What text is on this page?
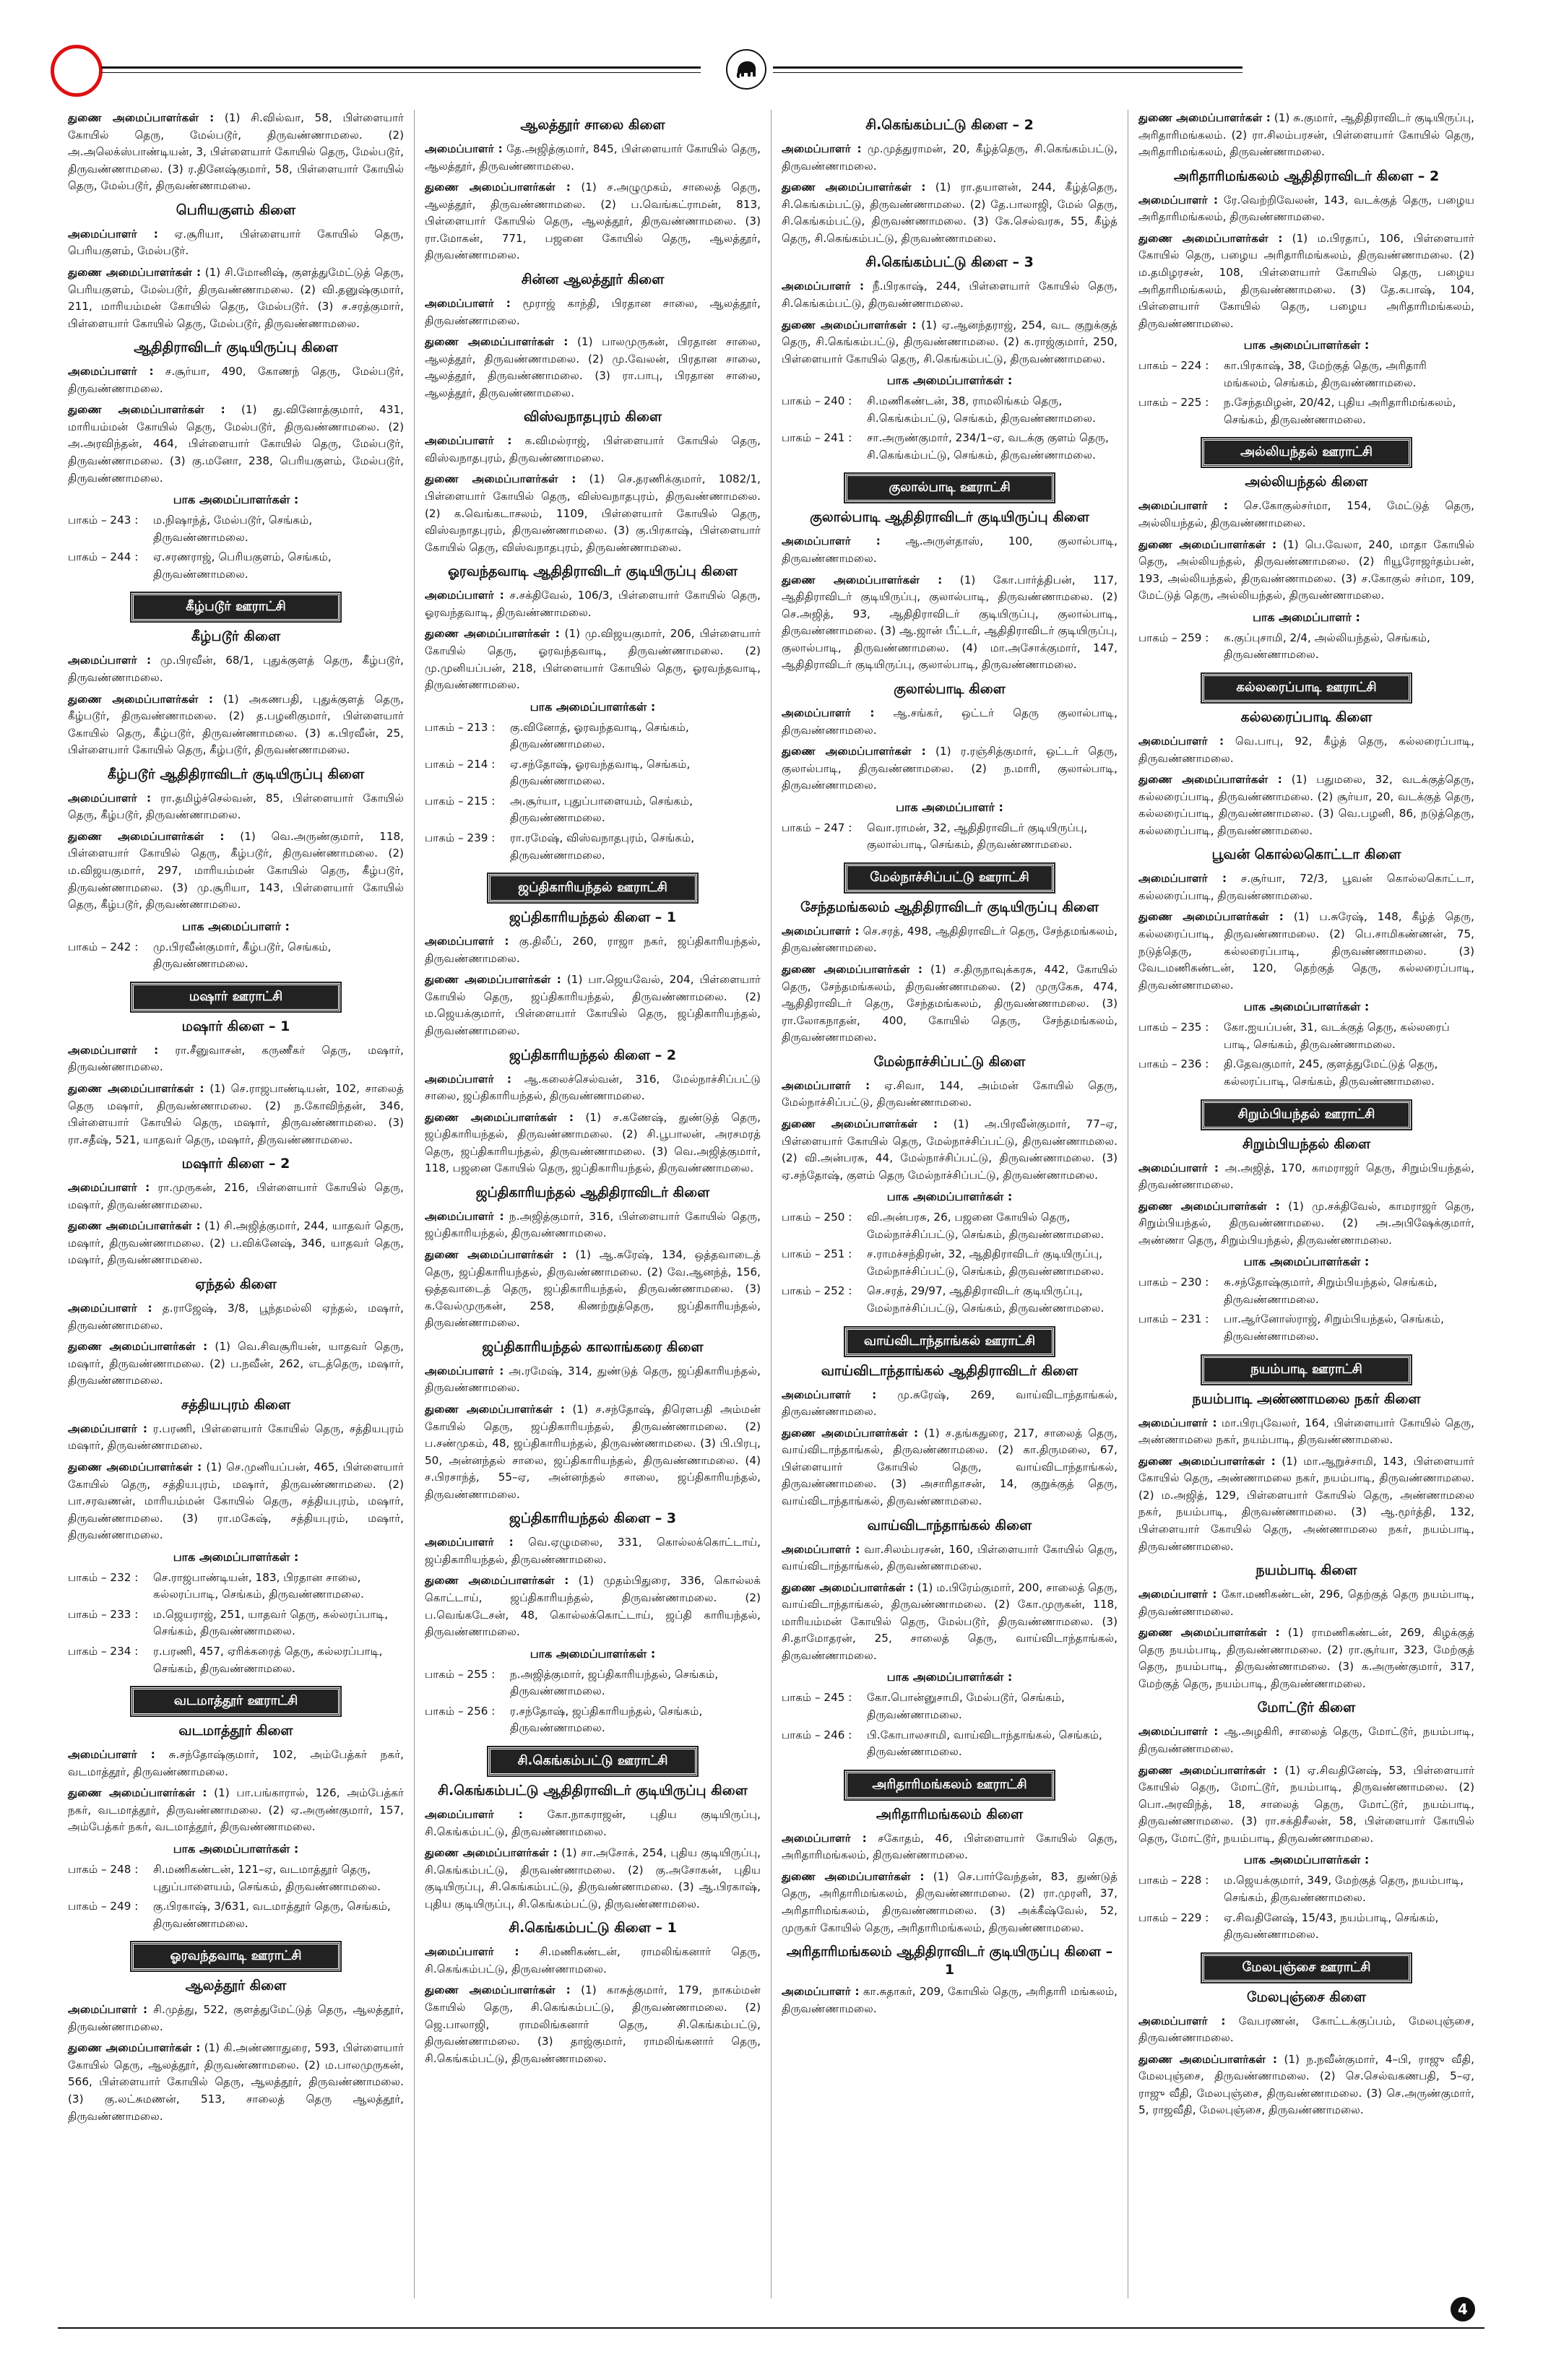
துணை அமைப்பாளர்கள் : (1) சி.வில்வா, 58, பிள்ளையார் கோயில் தெரு, மேல்படூர், திருவண்ணாமலை. (2) அ.அலெக்ஸ்பாண்டியன், 3, பிள்ளையார் கோயில் தெரு, மேல்படூர், திருவண்ணாமலை. (3) ர.தினேஷ்குமார், 58, பிள்ளையார் கோயில் தெரு, மேல்படூர், திருவண்ணாமலை.
பெரியகுளம் கிளை
அமைப்பாளர் : ஏ.சூரியா, பிள்ளையார் கோயில் தெரு, பெரியகுளம், மேல்படூர்.
துணை அமைப்பாளர்கள் : (1) சி.மோனிஷ், குளத்துமேட்டுத் தெரு, பெரியகுளம், மேல்படூர், திருவண்ணாமலை. (2) வி.தனுஷ்குமார், 211, மாரியம்மன் கோயில் தெரு, மேல்படூர். (3) ச.சரத்குமார், பிள்ளையார் கோயில் தெரு, மேல்படூர், திருவண்ணாமலை.
ஆதிதிராவிடர் குடியிருப்பு கிளை
அமைப்பாளர் : ச.சூர்யா, 490, கோணந் தெரு, மேல்படூர், திருவண்ணாமலை.
துணை அமைப்பாளர்கள் : (1) து.வினோத்குமார், 431, மாரியம்மன் கோயில் தெரு, மேல்படூர், திருவண்ணாமலை. (2) அ.அரவிந்தன், 464, பிள்ளையார் கோயில் தெரு, மேல்படூர், திருவண்ணாமலை. (3) கு.மனோ, 238, பெரியகுளம், மேல்படூர், திருவண்ணாமலை.
பாக அமைப்பாளர்கள் :
பாகம் – 243 :	ம.நிஷாந்த், மேல்படூர், செங்கம், திருவண்ணாமலை.
பாகம் – 244 :	ஏ.சரணராஜ், பெரியகுளம், செங்கம், திருவண்ணாமலை.
கீழ்படூர் ஊராட்சி
கீழ்படூர் கிளை
அமைப்பாளர் : மு.பிரவீன், 68/1, புதுக்குளத் தெரு, கீழ்படூர், திருவண்ணாமலை.
துணை அமைப்பாளர்கள் : (1) அகணபதி, புதுக்குளத் தெரு, கீழ்படூர், திருவண்ணாமலை. (2) த.பழனிகுமார், பிள்ளையார் கோயில் தெரு, கீழ்படூர், திருவண்ணாமலை. (3) க.பிரவீன், 25, பிள்ளையார் கோயில் தெரு, கீழ்படூர், திருவண்ணாமலை.
கீழ்படூர் ஆதிதிராவிடர் குடியிருப்பு கிளை
அமைப்பாளர் : ரா.தமிழ்ச்செல்வன், 85, பிள்ளையார் கோயில் தெரு, கீழ்படூர், திருவண்ணாமலை.
துணை அமைப்பாளர்கள் : (1) வெ.அருண்குமார், 118, பிள்ளையார் கோயில் தெரு, கீழ்படூர், திருவண்ணாமலை. (2) ம.விஜயகுமார், 297, மாரியம்மன் கோயில் தெரு, கீழ்படூர், திருவண்ணாமலை. (3) மு.சூரியா, 143, பிள்ளையார் கோயில் தெரு, கீழ்படூர், திருவண்ணாமலை.
பாக அமைப்பாளர் :
பாகம் – 242 :	மு.பிரவீன்குமார், கீழ்படூர், செங்கம், திருவண்ணாமலை.
மஷார் ஊராட்சி
மஷார் கிளை – 1
அமைப்பாளர் : ரா.சீனுவாசன், கருணீகர் தெரு, மஷார், திருவண்ணாமலை.
துணை அமைப்பாளர்கள் : (1) செ.ராஜபாண்டியன், 102, சாலைத் தெரு மஷார், திருவண்ணாமலை. (2) ந.கோவிந்தன், 346, பிள்ளையார் கோயில் தெரு, மஷார், திருவண்ணாமலை. (3) ரா.சதீஷ், 521, யாதவர் தெரு, மஷார், திருவண்ணாமலை.
மஷார் கிளை – 2
அமைப்பாளர் : ரா.முருகன், 216, பிள்ளையார் கோயில் தெரு, மஷார், திருவண்ணாமலை.
துணை அமைப்பாளர்கள் : (1) சி.அஜித்குமார், 244, யாதவர் தெரு, மஷார், திருவண்ணாமலை. (2) ப.விக்னேஷ், 346, யாதவர் தெரு, மஷார், திருவண்ணாமலை.
ஏந்தல் கிளை
அமைப்பாளர் : த.ராஜேஷ், 3/8, பூந்தமல்லி ஏந்தல், மஷார், திருவண்ணாமலை.
துணை அமைப்பாளர்கள் : (1) வெ.சிவசூரியன், யாதவர் தெரு, மஷார், திருவண்ணாமலை. (2) ப.நவீன், 262, எடத்தெரு, மஷார், திருவண்ணாமலை.
சத்தியபுரம் கிளை
அமைப்பாளர் : ர.பரணி, பிள்ளையார் கோயில் தெரு, சத்தியபுரம் மஷார், திருவண்ணாமலை.
துணை அமைப்பாளர்கள் : (1) செ.முனியப்பன், 465, பிள்ளையார் கோயில் தெரு, சத்தியபுரம், மஷார், திருவண்ணாமலை. (2) பா.சரவணன், மாரியம்மன் கோயில் தெரு, சத்தியபுரம், மஷார், திருவண்ணாமலை. (3) ரா.மகேஷ், சத்தியபுரம், மஷார், திருவண்ணாமலை.
பாக அமைப்பாளர்கள் :
பாகம் – 232 :	செ.ராஜபாண்டியன், 183, பிரதான சாலை, கல்லரப்பாடி, செங்கம், திருவண்ணாமலை.
பாகம் – 233 :	ம.ஜெயராஜ், 251, யாதவர் தெரு, கல்லரப்பாடி, செங்கம், திருவண்ணாமலை.
பாகம் – 234 :	ர.பரணி, 457, ஏரிக்கரைத் தெரு, கல்லரப்பாடி, செங்கம், திருவண்ணாமலை.
வடமாத்தூர் ஊராட்சி
வடமாத்தூர் கிளை
அமைப்பாளர் : சு.சந்தோஷ்குமார், 102, அம்பேத்கர் நகர், வடமாத்தூர், திருவண்ணாமலை.
துணை அமைப்பாளர்கள் : (1) பா.பங்காரால், 126, அம்பேத்கர் நகர், வடமாத்தூர், திருவண்ணாமலை. (2) ஏ.அருண்குமார், 157, அம்பேத்கர் நகர், வடமாத்தூர், திருவண்ணாமலை.
பாக அமைப்பாளர்கள் :
பாகம் – 248 :	சி.மணிகண்டன், 121–ஏ, வடமாத்தூர் தெரு, புதுப்பாளையம், செங்கம், திருவண்ணாமலை.
பாகம் – 249 :	கு.பிரகாஷ், 3/631, வடமாத்தூர் தெரு, செங்கம், திருவண்ணாமலை.
ஓரவந்தவாடி ஊராட்சி
ஆலத்தூர் கிளை
அமைப்பாளர் : சி.முத்து, 522, குளத்துமேட்டுத் தெரு, ஆலத்தூர், திருவண்ணாமலை.
துணை அமைப்பாளர்கள் : (1) கி.அண்ணாதுரை, 593, பிள்ளையார் கோயில் தெரு, ஆலத்தூர், திருவண்ணாமலை. (2) ம.பாலமுருகன், 566, பிள்ளையார் கோயில் தெரு, ஆலத்தூர், திருவண்ணாமலை. (3) கு.லட்சுமணன், 513, சாலைத் தெரு ஆலத்தூர், திருவண்ணாமலை.
ஆலத்தூர் சாலை கிளை
அமைப்பாளர் : தே.அஜித்குமார், 845, பிள்ளையார் கோயில் தெரு, ஆலத்தூர், திருவண்ணாமலை.
துணை அமைப்பாளர்கள் : (1) ச.அழுமுகம், சாலைத் தெரு, ஆலத்தூர், திருவண்ணாமலை. (2) ப.வெங்கட்ராமன், 813, பிள்ளையார் கோயில் தெரு, ஆலத்தூர், திருவண்ணாமலை. (3) ரா.மோகன், 771, பஜனை கோயில் தெரு, ஆலத்தூர், திருவண்ணாமலை.
சின்ன ஆலத்தூர் கிளை
அமைப்பாளர் : மூராஜ் காந்தி, பிரதான சாலை, ஆலத்தூர், திருவண்ணாமலை.
துணை அமைப்பாளர்கள் : (1) பாலமுருகன், பிரதான சாலை, ஆலத்தூர், திருவண்ணாமலை. (2) மு.வேலன், பிரதான சாலை, ஆலத்தூர், திருவண்ணாமலை. (3) ரா.பாபு, பிரதான சாலை, ஆலத்தூர், திருவண்ணாமலை.
விஸ்வநாதபுரம் கிளை
அமைப்பாளர் : க.விமல்ராஜ், பிள்ளையார் கோயில் தெரு, விஸ்வநாதபுரம், திருவண்ணாமலை.
துணை அமைப்பாளர்கள் : (1) செ.தரணிக்குமார், 1082/1, பிள்ளையார் கோயில் தெரு, விஸ்வநாதபுரம், திருவண்ணாமலை. (2) க.வெங்கடாசலம், 1109, பிள்ளையார் கோயில் தெரு, விஸ்வநாதபுரம், திருவண்ணாமலை. (3) கு.பிரகாஷ், பிள்ளையார் கோயில் தெரு, விஸ்வநாதபுரம், திருவண்ணாமலை.
ஓரவந்தவாடி ஆதிதிராவிடர் குடியிருப்பு கிளை
அமைப்பாளர் : ச.சக்திவேல், 106/3, பிள்ளையார் கோயில் தெரு, ஓரவந்தவாடி, திருவண்ணாமலை.
துணை அமைப்பாளர்கள் : (1) மு.விஜயகுமார், 206, பிள்ளையார் கோயில் தெரு, ஓரவந்தவாடி, திருவண்ணாமலை. (2) மு.முனியப்பன், 218, பிள்ளையார் கோயில் தெரு, ஓரவந்தவாடி, திருவண்ணாமலை.
பாக அமைப்பாளர்கள் :
பாகம் – 213 :	கு.வினோத், ஓரவந்தவாடி, செங்கம், திருவண்ணாமலை.
பாகம் – 214 :	ஏ.சந்தோஷ், ஓரவந்தவாடி, செங்கம், திருவண்ணாமலை.
பாகம் – 215 :	அ.சூர்யா, புதுப்பாளையம், செங்கம், திருவண்ணாமலை.
பாகம் – 239 :	ரா.ரமேஷ், விஸ்வநாதபுரம், செங்கம், திருவண்ணாமலை.
ஜப்திகாரியந்தல் ஊராட்சி
ஜப்திகாரியந்தல் கிளை – 1
அமைப்பாளர் : கு.திலீப், 260, ராஜா நகர், ஜப்திகாரியந்தல், திருவண்ணாமலை.
துணை அமைப்பாளர்கள் : (1) பா.ஜெயவேல், 204, பிள்ளையார் கோயில் தெரு, ஜப்திகாரியந்தல், திருவண்ணாமலை. (2) ம.ஜெயக்குமார், பிள்ளையார் கோயில் தெரு, ஜப்திகாரியந்தல், திருவண்ணாமலை.
ஜப்திகாரியந்தல் கிளை – 2
அமைப்பாளர் : ஆ.கலைச்செல்வன், 316, மேல்நாச்சிப்பட்டு சாலை, ஜப்திகாரியந்தல், திருவண்ணாமலை.
துணை அமைப்பாளர்கள் : (1) ச.கணேஷ், துண்டுத் தெரு, ஜப்திகாரியந்தல், திருவண்ணாமலை. (2) சி.பூபாலன், அரசமரத் தெரு, ஜப்திகாரியந்தல், திருவண்ணாமலை. (3) வெ.அஜித்குமார், 118, பஜனை கோயில் தெரு, ஜப்திகாரியந்தல், திருவண்ணாமலை.
ஜப்திகாரியந்தல் ஆதிதிராவிடர் கிளை
அமைப்பாளர் : ந.அஜித்குமார், 316, பிள்ளையார் கோயில் தெரு, ஜப்திகாரியந்தல், திருவண்ணாமலை.
துணை அமைப்பாளர்கள் : (1) ஆ.சுரேஷ், 134, ஒத்தவாடைத் தெரு, ஜப்திகாரியந்தல், திருவண்ணாமலை. (2) வே.ஆனந்த், 156, ஒத்தவாடைத் தெரு, ஜப்திகாரியந்தல், திருவண்ணாமலை. (3) க.வேல்முருகன், 258, கிணற்றுத்தெரு, ஜப்திகாரியந்தல், திருவண்ணாமலை.
ஜப்திகாரியந்தல் காலாங்கரை கிளை
அமைப்பாளர் : அ.ரமேஷ், 314, துண்டுத் தெரு, ஜப்திகாரியந்தல், திருவண்ணாமலை.
துணை அமைப்பாளர்கள் : (1) ச.சந்தோஷ், திரௌபதி அம்மன் கோயில் தெரு, ஜப்திகாரியந்தல், திருவண்ணாமலை. (2) ப.சண்முகம், 48, ஜப்திகாரியந்தல், திருவண்ணாமலை. (3) பி.பிரபு, 50, அன்னந்தல் சாலை, ஜப்திகாரியந்தல், திருவண்ணாமலை. (4) ச.பிரசாந்த், 55–ஏ, அன்னந்தல் சாலை, ஜப்திகாரியந்தல், திருவண்ணாமலை.
ஜப்திகாரியந்தல் கிளை – 3
அமைப்பாளர் : வெ.ஏழுமலை, 331, கொல்லக்கொட்டாய், ஜப்திகாரியந்தல், திருவண்ணாமலை.
துணை அமைப்பாளர்கள் : (1) முதம்பிதுரை, 336, கொல்லக் கொட்டாய், ஜப்திகாரியந்தல், திருவண்ணாமலை. (2) ப.வெங்கடேசன், 48, கொல்லக்கொட்டாய், ஜப்தி காரியந்தல், திருவண்ணாமலை.
பாக அமைப்பாளர்கள் :
பாகம் – 255 :	ந.அஜித்குமார், ஜப்திகாரியந்தல், செங்கம், திருவண்ணாமலை.
பாகம் – 256 :	ர.சந்தோஷ், ஜப்திகாரியந்தல், செங்கம், திருவண்ணாமலை.
சி.கெங்கம்பட்டு ஊராட்சி
சி.கெங்கம்பட்டு ஆதிதிராவிடர் குடியிருப்பு கிளை
அமைப்பாளர் : கோ.நாகராஜன், புதிய குடியிருப்பு, சி.கெங்கம்பட்டு, திருவண்ணாமலை.
துணை அமைப்பாளர்கள் : (1) சா.அசோக், 254, புதிய குடியிருப்பு, சி.கெங்கம்பட்டு, திருவண்ணாமலை. (2) கு.அசோகன், புதிய குடியிருப்பு, சி.கெங்கம்பட்டு, திருவண்ணாமலை. (3) ஆ.பிரகாஷ், புதிய குடியிருப்பு, சி.கெங்கம்பட்டு, திருவண்ணாமலை.
சி.கெங்கம்பட்டு கிளை – 1
அமைப்பாளர் : சி.மணிகண்டன், ராமலிங்கனார் தெரு, சி.கெங்கம்பட்டு, திருவண்ணாமலை.
துணை அமைப்பாளர்கள் : (1) காசுத்குமார், 179, நாகம்மன் கோயில் தெரு, சி.கெங்கம்பட்டு, திருவண்ணாமலை. (2) ஜெ.பாலாஜி, ராமலிங்கனார் தெரு, சி.கெங்கம்பட்டு, திருவண்ணாமலை. (3) தாஜ்குமார், ராமலிங்கனார் தெரு, சி.கெங்கம்பட்டு, திருவண்ணாமலை.
சி.கெங்கம்பட்டு கிளை – 2
அமைப்பாளர் : மு.முத்துராமன், 20, கீழ்த்தெரு, சி.கெங்கம்பட்டு, திருவண்ணாமலை.
துணை அமைப்பாளர்கள் : (1) ரா.தயாளன், 244, கீழ்த்தெரு, சி.கெங்கம்பட்டு, திருவண்ணாமலை. (2) தே.பாலாஜி, மேல் தெரு, சி.கெங்கம்பட்டு, திருவண்ணாமலை. (3) கே.செல்வரசு, 55, கீழ்த் தெரு, சி.கெங்கம்பட்டு, திருவண்ணாமலை.
சி.கெங்கம்பட்டு கிளை – 3
அமைப்பாளர் : நீ.பிரகாஷ், 244, பிள்ளையார் கோயில் தெரு, சி.கெங்கம்பட்டு, திருவண்ணாமலை.
துணை அமைப்பாளர்கள் : (1) ஏ.ஆனந்தராஜ், 254, வட குறுக்குத் தெரு, சி.கெங்கம்பட்டு, திருவண்ணாமலை. (2) க.ராஜ்குமார், 250, பிள்ளையார் கோயில் தெரு, சி.கெங்கம்பட்டு, திருவண்ணாமலை.
பாக அமைப்பாளர்கள் :
பாகம் – 240 :	சி.மணிகண்டன், 38, ராமலிங்கம் தெரு, சி.கெங்கம்பட்டு, செங்கம், திருவண்ணாமலை.
பாகம் – 241 :	சா.அருண்குமார், 234/1–ஏ, வடக்கு குளம் தெரு, சி.கெங்கம்பட்டு, செங்கம், திருவண்ணாமலை.
குலால்பாடி ஊராட்சி
குலால்பாடி ஆதிதிராவிடர் குடியிருப்பு கிளை
அமைப்பாளர் : ஆ.அருள்தாஸ், 100, குலால்பாடி, திருவண்ணாமலை.
துணை அமைப்பாளர்கள் : (1) கோ.பார்த்திபன், 117, ஆதிதிராவிடர் குடியிருப்பு, குலால்பாடி, திருவண்ணாமலை. (2) செ.அஜித், 93, ஆதிதிராவிடர் குடியிருப்பு, குலால்பாடி, திருவண்ணாமலை. (3) ஆ.ஜான் பீட்டர், ஆதிதிராவிடர் குடியிருப்பு, குலால்பாடி, திருவண்ணாமலை. (4) மா.அசோக்குமார், 147, ஆதிதிராவிடர் குடியிருப்பு, குலால்பாடி, திருவண்ணாமலை.
குலால்பாடி கிளை
அமைப்பாளர் : ஆ.சங்கர், ஒட்டர் தெரு குலால்பாடி, திருவண்ணாமலை.
துணை அமைப்பாளர்கள் : (1) ர.ரஞ்சித்குமார், ஒட்டர் தெரு, குலால்பாடி, திருவண்ணாமலை. (2) ந.மாரி, குலால்பாடி, திருவண்ணாமலை.
பாக அமைப்பாளர் :
பாகம் – 247 :	வொ.ராமன், 32, ஆதிதிராவிடர் குடியிருப்பு, குலால்பாடி, செங்கம், திருவண்ணாமலை.
மேல்நாச்சிப்பட்டு ஊராட்சி
சேந்தமங்கலம் ஆதிதிராவிடர் குடியிருப்பு கிளை
அமைப்பாளர் : செ.சரத், 498, ஆதிதிராவிடர் தெரு, சேந்தமங்கலம், திருவண்ணாமலை.
துணை அமைப்பாளர்கள் : (1) ச.திருநாவுக்கரசு, 442, கோயில் தெரு, சேந்தமங்கலம், திருவண்ணாமலை. (2) முருகேசு, 474, ஆதிதிராவிடர் தெரு, சேந்தமங்கலம், திருவண்ணாமலை. (3) ரா.லோகநாதன், 400, கோயில் தெரு, சேந்தமங்கலம், திருவண்ணாமலை.
மேல்நாச்சிப்பட்டு கிளை
அமைப்பாளர் : ஏ.சிவா, 144, அம்மன் கோயில் தெரு, மேல்நாச்சிப்பட்டு, திருவண்ணாமலை.
துணை அமைப்பாளர்கள் : (1) அ.பிரவீன்குமார், 77–ஏ, பிள்ளையார் கோயில் தெரு, மேல்நாச்சிப்பட்டு, திருவண்ணாமலை. (2) வி.அன்பரசு, 44, மேல்நாச்சிப்பட்டு, திருவண்ணாமலை. (3) ஏ.சந்தோஷ், குளம் தெரு மேல்நாச்சிப்பட்டு, திருவண்ணாமலை.
பாக அமைப்பாளர்கள் :
பாகம் – 250 :	வி.அன்பரசு, 26, பஜனை கோயில் தெரு, மேல்நாச்சிப்பட்டு, செங்கம், திருவண்ணாமலை.
பாகம் – 251 :	ச.ராமச்சந்திரன், 32, ஆதிதிராவிடர் குடியிருப்பு, மேல்நாச்சிப்பட்டு, செங்கம், திருவண்ணாமலை.
பாகம் – 252 :	செ.சரத், 29/97, ஆதிதிராவிடர் குடியிருப்பு, மேல்நாச்சிப்பட்டு, செங்கம், திருவண்ணாமலை.
வாய்விடாந்தாங்கல் ஊராட்சி
வாய்விடாந்தாங்கல் ஆதிதிராவிடர் கிளை
அமைப்பாளர் : மு.சுரேஷ், 269, வாய்விடாந்தாங்கல், திருவண்ணாமலை.
துணை அமைப்பாளர்கள் : (1) ச.தங்கதுரை, 217, சாலைத் தெரு, வாய்விடாந்தாங்கல், திருவண்ணாமலை. (2) கா.திருமலை, 67, பிள்ளையார் கோயில் தெரு, வாய்விடாந்தாங்கல், திருவண்ணாமலை. (3) அசாரிதாசன், 14, குறுக்குத் தெரு, வாய்விடாந்தாங்கல், திருவண்ணாமலை.
வாய்விடாந்தாங்கல் கிளை
அமைப்பாளர் : வா.சிலம்பரசன், 160, பிள்ளையார் கோயில் தெரு, வாய்விடாந்தாங்கல், திருவண்ணாமலை.
துணை அமைப்பாளர்கள் : (1) ம.பிரேம்குமார், 200, சாலைத் தெரு, வாய்விடாந்தாங்கல், திருவண்ணாமலை. (2) கோ.முருகன், 118, மாரியம்மன் கோயில் தெரு, மேல்படூர், திருவண்ணாமலை. (3) சி.தாமோதரன், 25, சாலைத் தெரு, வாய்விடாந்தாங்கல், திருவண்ணாமலை.
பாக அமைப்பாளர்கள் :
பாகம் – 245 :	கோ.பொன்னுசாமி, மேல்படூர், செங்கம், திருவண்ணாமலை.
பாகம் – 246 :	பி.கோபாலசாமி, வாய்விடாந்தாங்கல், செங்கம், திருவண்ணாமலை.
அரிதாரிமங்கலம் ஊராட்சி
அரிதாரிமங்கலம் கிளை
அமைப்பாளர் : சகோதம், 46, பிள்ளையார் கோயில் தெரு, அரிதாரிமங்கலம், திருவண்ணாமலை.
துணை அமைப்பாளர்கள் : (1) செ.பார்வேந்தன், 83, துண்டுத் தெரு, அரிதாரிமங்கலம், திருவண்ணாமலை. (2) ரா.முரளி, 37, அரிதாரிமங்கலம், திருவண்ணாமலை. (3) அக்கீஷ்வேல், 52, முருகர் கோயில் தெரு, அரிதாரிமங்கலம், திருவண்ணாமலை.
அரிதாரிமங்கலம் ஆதிதிராவிடர் குடியிருப்பு கிளை – 1
அமைப்பாளர் : கா.சுதாகர், 209, கோயில் தெரு, அரிதாரி மங்கலம், திருவண்ணாமலை.
துணை அமைப்பாளர்கள் : (1) சு.குமார், ஆதிதிராவிடர் குடியிருப்பு, அரிதாரிமங்கலம். (2) ரா.சிலம்பரசன், பிள்ளையார் கோயில் தெரு, அரிதாரிமங்கலம், திருவண்ணாமலை.
அரிதாரிமங்கலம் ஆதிதிராவிடர் கிளை – 2
அமைப்பாளர் : ரே.வெற்றிவேலன், 143, வடக்குத் தெரு, பழைய அரிதாரிமங்கலம், திருவண்ணாமலை.
துணை அமைப்பாளர்கள் : (1) ம.பிரதாப், 106, பிள்ளையார் கோயில் தெரு, பழைய அரிதாரிமங்கலம், திருவண்ணாமலை. (2) ம.தமிழரசன், 108, பிள்ளையார் கோயில் தெரு, பழைய அரிதாரிமங்கலம், திருவண்ணாமலை. (3) தே.கபாஷ், 104, பிள்ளையார் கோயில் தெரு, பழைய அரிதாரிமங்கலம், திருவண்ணாமலை.
பாக அமைப்பாளர்கள் :
பாகம் – 224 :	கா.பிரகாஷ், 38, மேற்குத் தெரு, அரிதாரி மங்கலம், செங்கம், திருவண்ணாமலை.
பாகம் – 225 :	ந.சேந்தமிழன், 20/42, புதிய அரிதாரிமங்கலம், செங்கம், திருவண்ணாமலை.
அல்லியந்தல் ஊராட்சி
அல்லியந்தல் கிளை
அமைப்பாளர் : செ.கோகுல்சர்மா, 154, மேட்டுத் தெரு, அல்லியந்தல், திருவண்ணாமலை.
துணை அமைப்பாளர்கள் : (1) பெ.வேலா, 240, மாதா கோயில் தெரு, அல்லியந்தல், திருவண்ணாமலை. (2) ரியூரோஜர்தம்பன், 193, அல்லியந்தல், திருவண்ணாமலை. (3) ச.கோகுல் சர்மா, 109, மேட்டுத் தெரு, அல்லியந்தல், திருவண்ணாமலை.
பாக அமைப்பாளர் :
பாகம் – 259 :	க.குப்புசாமி, 2/4, அல்லியந்தல், செங்கம், திருவண்ணாமலை.
கல்லரைப்பாடி ஊராட்சி
கல்லரைப்பாடி கிளை
அமைப்பாளர் : வெ.பாபு, 92, கீழ்த் தெரு, கல்லரைப்பாடி, திருவண்ணாமலை.
துணை அமைப்பாளர்கள் : (1) பதுமலை, 32, வடக்குத்தெரு, கல்லரைப்பாடி, திருவண்ணாமலை. (2) சூர்யா, 20, வடக்குத் தெரு, கல்லரைப்பாடி, திருவண்ணாமலை. (3) வெ.பழனி, 86, நடுத்தெரு, கல்லரைப்பாடி, திருவண்ணாமலை.
பூவன் கொல்லகொட்டா கிளை
அமைப்பாளர் : ச.சூர்யா, 72/3, பூவன் கொல்லகொட்டா, கல்லரைப்பாடி, திருவண்ணாமலை.
துணை அமைப்பாளர்கள் : (1) ப.சுரேஷ், 148, கீழ்த் தெரு, கல்லரைப்பாடி, திருவண்ணாமலை. (2) பெ.சாமிகண்ணன், 75, நடுத்தெரு, கல்லரைப்பாடி, திருவண்ணாமலை. (3) வேடமணிகண்டன், 120, தெற்குத் தெரு, கல்லரைப்பாடி, திருவண்ணாமலை.
பாக அமைப்பாளர்கள் :
பாகம் – 235 :	கோ.ஐயப்பன், 31, வடக்குத் தெரு, கல்லரைப் பாடி, செங்கம், திருவண்ணாமலை.
பாகம் – 236 :	தி.தேவகுமார், 245, குளத்துமேட்டுத் தெரு, கல்லரப்பாடி, செங்கம், திருவண்ணாமலை.
சிறும்பியந்தல் ஊராட்சி
சிறும்பியந்தல் கிளை
அமைப்பாளர் : அ.அஜித், 170, காமராஜர் தெரு, சிறும்பியந்தல், திருவண்ணாமலை.
துணை அமைப்பாளர்கள் : (1) மு.சக்திவேல், காமராஜர் தெரு, சிறும்பியந்தல், திருவண்ணாமலை. (2) அ.அபிஷேக்குமார், அண்ணா தெரு, சிறும்பியந்தல், திருவண்ணாமலை.
பாக அமைப்பாளர்கள் :
பாகம் – 230 :	சு.சந்தோஷ்குமார், சிறும்பியந்தல், செங்கம், திருவண்ணாமலை.
பாகம் – 231 :	பா.ஆர்னோஸ்ராஜ், சிறும்பியந்தல், செங்கம், திருவண்ணாமலை.
நயம்பாடி ஊராட்சி
நயம்பாடி அண்ணாமலை நகர் கிளை
அமைப்பாளர் : மா.பிரபுவேலர், 164, பிள்ளையார் கோயில் தெரு, அண்ணாமலை நகர், நயம்பாடி, திருவண்ணாமலை.
துணை அமைப்பாளர்கள் : (1) மா.ஆறுச்சாமி, 143, பிள்ளையார் கோயில் தெரு, அண்ணாமலை நகர், நயம்பாடி, திருவண்ணாமலை. (2) ம.அஜித், 129, பிள்ளையார் கோயில் தெரு, அண்ணாமலை நகர், நயம்பாடி, திருவண்ணாமலை. (3) ஆ.மூர்த்தி, 132, பிள்ளையார் கோயில் தெரு, அண்ணாமலை நகர், நயம்பாடி, திருவண்ணாமலை.
நயம்பாடி கிளை
அமைப்பாளர் : கோ.மணிகண்டன், 296, தெற்குத் தெரு நயம்பாடி, திருவண்ணாமலை.
துணை அமைப்பாளர்கள் : (1) ராமணிகண்டன், 269, கிழக்குத் தெரு நயம்பாடி, திருவண்ணாமலை. (2) ரா.சூர்யா, 323, மேற்குத் தெரு, நயம்பாடி, திருவண்ணாமலை. (3) க.அருண்குமார், 317, மேற்குத் தெரு, நயம்பாடி, திருவண்ணாமலை.
மோட்டூர் கிளை
அமைப்பாளர் : ஆ.அழகிரி, சாலைத் தெரு, மோட்டூர், நயம்பாடி, திருவண்ணாமலை.
துணை அமைப்பாளர்கள் : (1) ஏ.சிவதினேஷ், 53, பிள்ளையார் கோயில் தெரு, மோட்டூர், நயம்பாடி, திருவண்ணாமலை. (2) பொ.அரவிந்த், 18, சாலைத் தெரு, மோட்டூர், நயம்பாடி, திருவண்ணாமலை. (3) ரா.சக்திசீலன், 58, பிள்ளையார் கோயில் தெரு, மோட்டூர், நயம்பாடி, திருவண்ணாமலை.
பாக அமைப்பாளர்கள் :
பாகம் – 228 :	ம.ஜெயக்குமார், 349, மேற்குத் தெரு, நயம்பாடி, செங்கம், திருவண்ணாமலை.
பாகம் – 229 :	ஏ.சிவதினேஷ், 15/43, நயம்பாடி, செங்கம், திருவண்ணாமலை.
மேலபுஞ்சை ஊராட்சி
மேலபுஞ்சை கிளை
அமைப்பாளர் : வேபரணன், கோட்டக்குப்பம், மேலபுஞ்சை, திருவண்ணாமலை.
துணை அமைப்பாளர்கள் : (1) ந.நவீன்குமார், 4–பி, ராஜு வீதி, மேலபுஞ்சை, திருவண்ணாமலை. (2) செ.செல்வகணபதி, 5–ஏ, ராஜு வீதி, மேலபுஞ்சை, திருவண்ணாமலை. (3) செ.அருண்குமார், 5, ராஜவீதி, மேலபுஞ்சை, திருவண்ணாமலை.
4
